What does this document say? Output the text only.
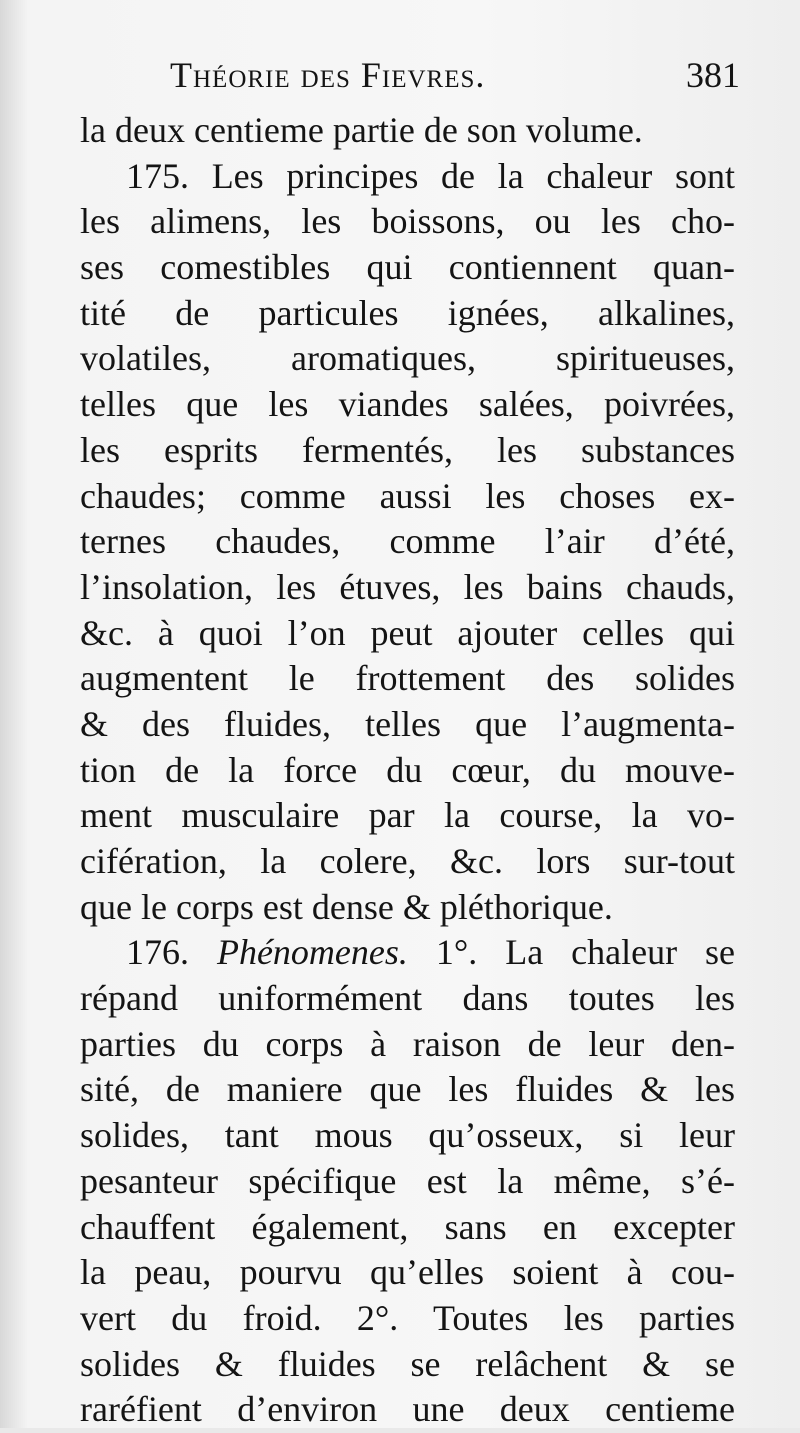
Théorie des Fievres.	381
la deux centieme partie de son volume.
175. Les principes de la chaleur sont
les alimens, les boissons, ou les cho-
ses comestibles qui contiennent quan-
tité de particules ignées, alkalines,
volatiles, aromatiques, spiritueuses,
telles que les viandes salées, poivrées,
les esprits fermentés, les substances
chaudes; comme aussi les choses ex-
ternes chaudes, comme l’air d’été,
l’insolation, les étuves, les bains chauds,
&c. à quoi l’on peut ajouter celles qui
augmentent le frottement des solides
& des fluides, telles que l’augmenta-
tion de la force du cœur, du mouve-
ment musculaire par la course, la vo-
cifération, la colere, &c. lors sur-tout
que le corps est dense & pléthorique.
176. Phénomenes. 1°. La chaleur se
répand uniformément dans toutes les
parties du corps à raison de leur den-
sité, de maniere que les fluides & les
solides, tant mous qu’osseux, si leur
pesanteur spécifique est la même, s’é-
chauffent également, sans en excepter
la peau, pourvu qu’elles soient à cou-
vert du froid. 2°. Toutes les parties
solides & fluides se relâchent & se
raréfient d’environ une deux centieme
